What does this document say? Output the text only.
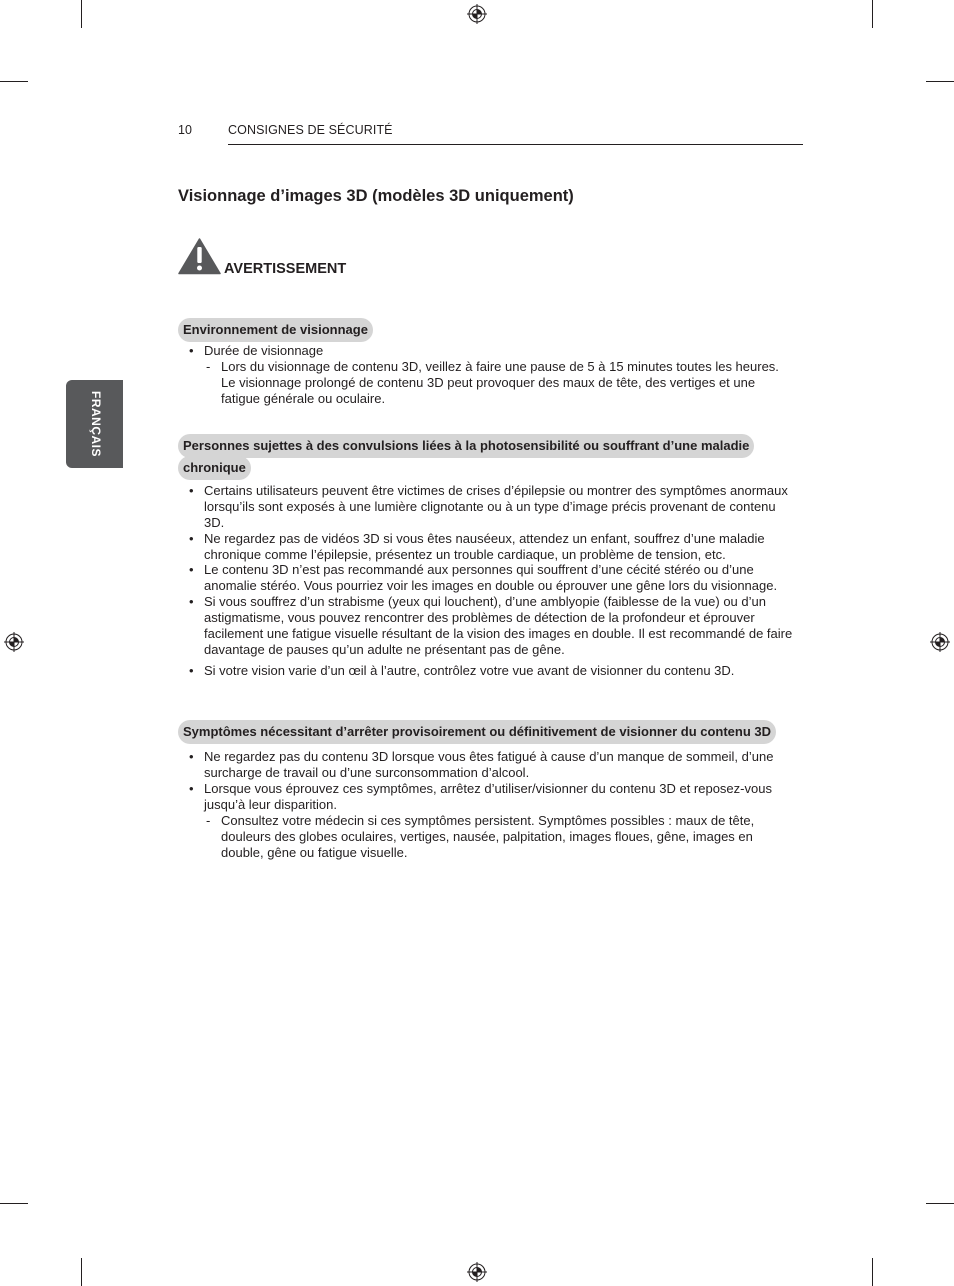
FRANÇAIS
10	CONSIGNES DE SÉCURITÉ
Visionnage d’images 3D (modèles 3D uniquement)
AVERTISSEMENT
Environnement de visionnage
• Durée de visionnage
- Lors du visionnage de contenu 3D, veillez à faire une pause de 5 à 15 minutes toutes les heures.
Le visionnage prolongé de contenu 3D peut provoquer des maux de tête, des vertiges et une
fatigue générale ou oculaire.
Personnes sujettes à des convulsions liées à la photosensibilité ou souffrant d’une maladie
chronique
• Certains utilisateurs peuvent être victimes de crises d’épilepsie ou montrer des symptômes anormaux
lorsqu’ils sont exposés à une lumière clignotante ou à un type d’image précis provenant de contenu
3D.
• Ne regardez pas de vidéos 3D si vous êtes nauséeux, attendez un enfant, souffrez d’une maladie
chronique comme l’épilepsie, présentez un trouble cardiaque, un problème de tension, etc.
• Le contenu 3D n’est pas recommandé aux personnes qui souffrent d’une cécité stéréo ou d’une
anomalie stéréo. Vous pourriez voir les images en double ou éprouver une gêne lors du visionnage.
• Si vous souffrez d’un strabisme (yeux qui louchent), d’une amblyopie (faiblesse de la vue) ou d’un
astigmatisme, vous pouvez rencontrer des problèmes de détection de la profondeur et éprouver
facilement une fatigue visuelle résultant de la vision des images en double. Il est recommandé de faire
davantage de pauses qu’un adulte ne présentant pas de gêne.
• Si votre vision varie d’un œil à l’autre, contrôlez votre vue avant de visionner du contenu 3D.
Symptômes nécessitant d’arrêter provisoirement ou définitivement de visionner du contenu 3D
• Ne regardez pas du contenu 3D lorsque vous êtes fatigué à cause d’un manque de sommeil, d’une
surcharge de travail ou d’une surconsommation d’alcool.
• Lorsque vous éprouvez ces symptômes, arrêtez d’utiliser/visionner du contenu 3D et reposez-vous
jusqu’à leur disparition.
- Consultez votre médecin si ces symptômes persistent. Symptômes possibles : maux de tête,
douleurs des globes oculaires, vertiges, nausée, palpitation, images floues, gêne, images en
double, gêne ou fatigue visuelle.
